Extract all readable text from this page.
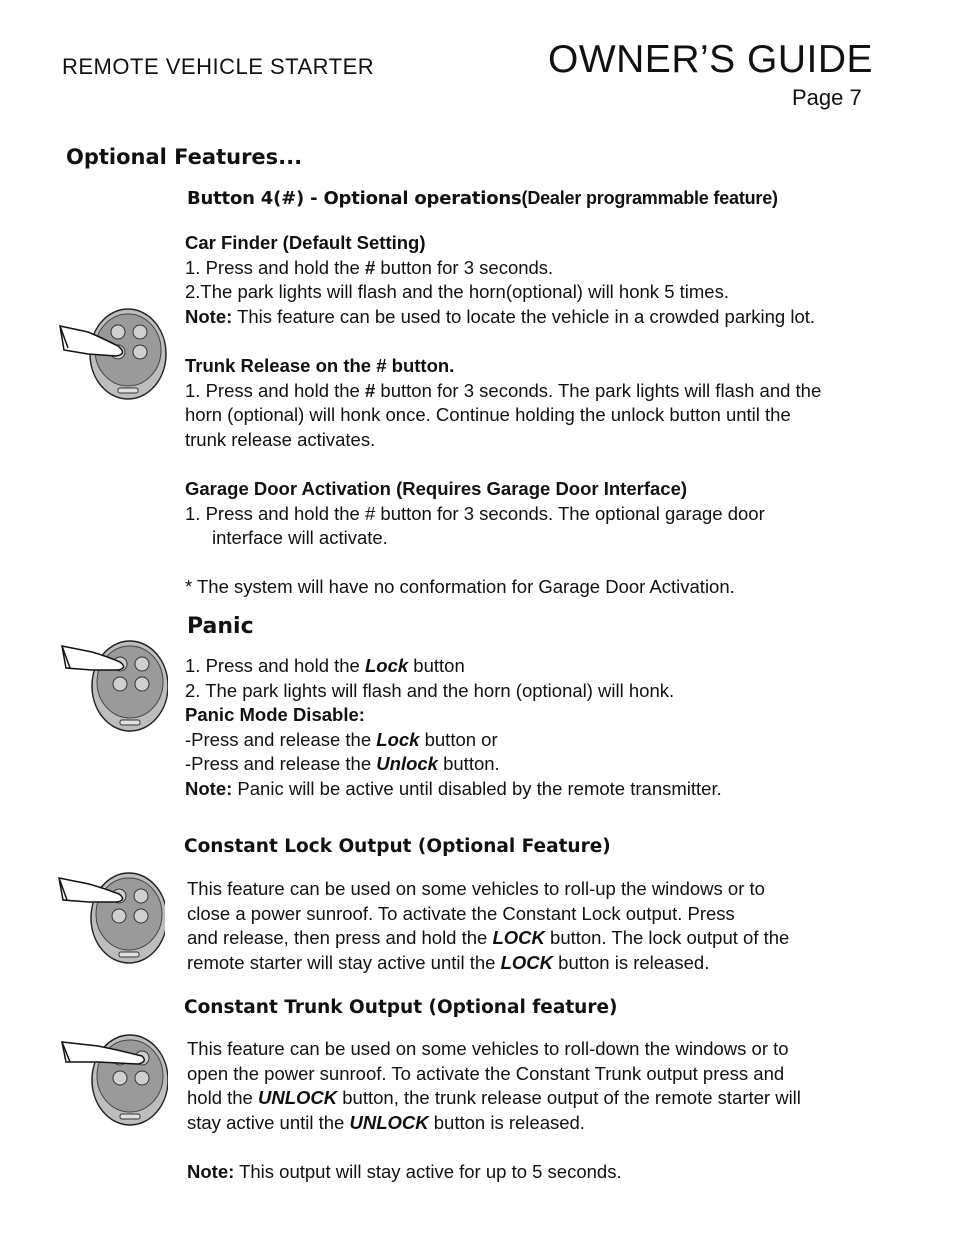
REMOTE VEHICLE STARTER	OWNER’S GUIDE
Page 7
Optional Features...
Button 4(#) - Optional operations(Dealer programmable feature)

Car Finder (Default Setting)

1. Press and hold the # button for 3 seconds.

2.The park lights will flash and the horn(optional) will honk 5 times.

Note: This feature can be used to locate the vehicle in a crowded parking lot.

Trunk Release on the # button.

1. Press and hold the # button for 3 seconds. The park lights will flash and the

horn (optional) will honk once. Continue holding the unlock button until the

trunk release activates.

Garage Door Activation (Requires Garage Door Interface)

1. Press and hold the # button for 3 seconds. The optional garage door

interface will activate.

* The system will have no conformation for Garage Door Activation.

Panic

1. Press and hold the Lock button

2. The park lights will flash and the horn (optional) will honk.

Panic Mode Disable:

-Press and release the Lock button or

-Press and release the Unlock button.

Note: Panic will be active until disabled by the remote transmitter.

Constant Lock Output (Optional Feature)

This feature can be used on some vehicles to roll-up the windows or to

close a power sunroof. To activate the Constant Lock output. Press

and release, then press and hold the LOCK button. The lock output of the

remote starter will stay active until the LOCK button is released.

Constant Trunk Output (Optional feature)

This feature can be used on some vehicles to roll-down the windows or to

open the power sunroof. To activate the Constant Trunk output press and

hold the UNLOCK button, the trunk release output of the remote starter will

stay active until the UNLOCK button is released.

Note: This output will stay active for up to 5 seconds.
